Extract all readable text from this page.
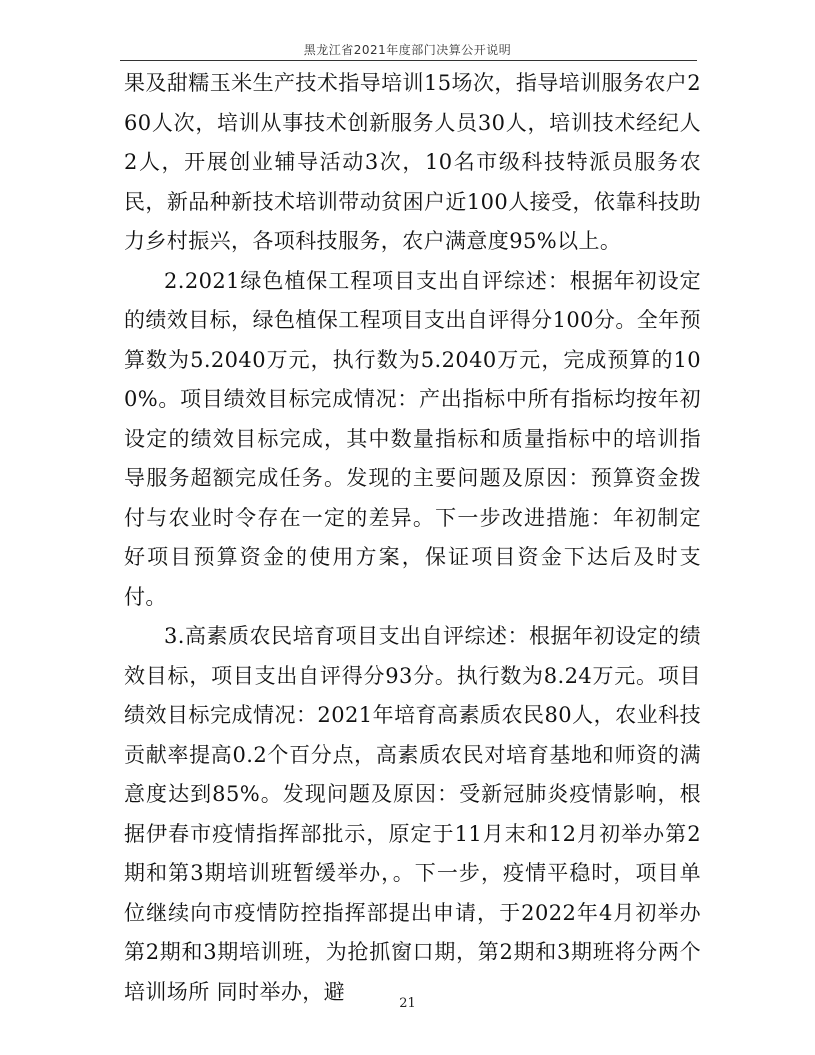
黑龙江省2021年度部门决算公开说明

果及甜糯玉米生产技术指导培训15场次，指导培训服务农户260人次，培训从事技术创新服务人员30人，培训技术经纪人2人，开展创业辅导活动3次，10名市级科技特派员服务农民，新品种新技术培训带动贫困户近100人接受，依靠科技助力乡村振兴，各项科技服务，农户满意度95%以上。

2.2021绿色植保工程项目支出自评综述：根据年初设定的绩效目标，绿色植保工程项目支出自评得分100分。全年预算数为5.2040万元，执行数为5.2040万元，完成预算的100%。项目绩效目标完成情况：产出指标中所有指标均按年初设定的绩效目标完成，其中数量指标和质量指标中的培训指导服务超额完成任务。发现的主要问题及原因：预算资金拨付与农业时令存在一定的差异。下一步改进措施：年初制定好项目预算资金的使用方案，保证项目资金下达后及时支付。

3.高素质农民培育项目支出自评综述：根据年初设定的绩效目标，项目支出自评得分93分。执行数为8.24万元。项目绩效目标完成情况：2021年培育高素质农民80人，农业科技贡献率提高0.2个百分点，高素质农民对培育基地和师资的满意度达到85%。发现问题及原因：受新冠肺炎疫情影响，根据伊春市疫情指挥部批示，原定于11月末和12月初举办第2期和第3期培训班暂缓举办，。下一步，疫情平稳时，项目单位继续向市疫情防控指挥部提出申请，于2022年4月初举办第2期和3期培训班，为抢抓窗口期，第2期和3期班将分两个培训场所 同时举办，避	21
